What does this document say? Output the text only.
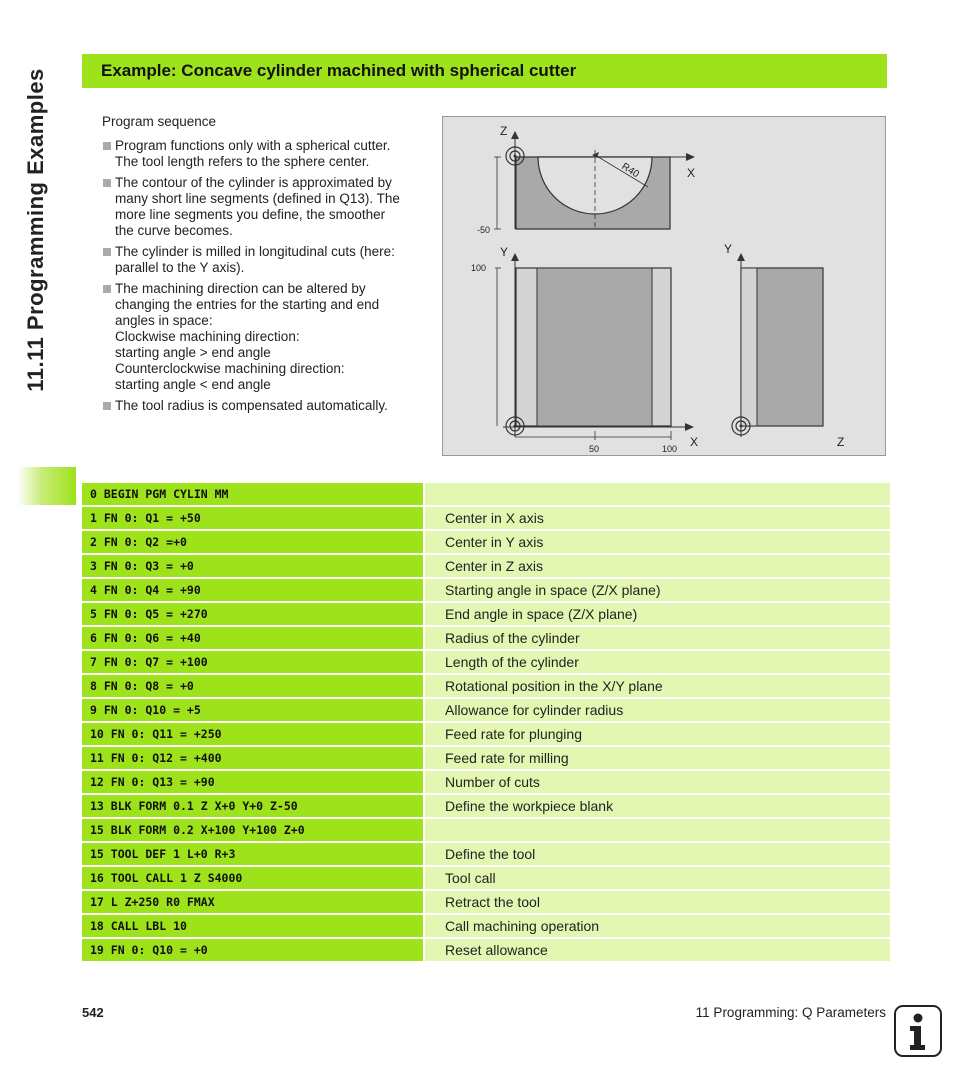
11.11 Programming Examples	Example: Concave cylinder machined with spherical cutter
Program sequence
Program functions only with a spherical cutter.
The tool length refers to the sphere center.
The contour of the cylinder is approximated by
many short line segments (defined in Q13). The
more line segments you define, the smoother
the curve becomes.
The cylinder is milled in longitudinal cuts (here:
parallel to the Y axis).
The machining direction can be altered by
changing the entries for the starting and end
angles in space:
Clockwise machining direction:
starting angle > end angle
Counterclockwise machining direction:
starting angle < end angle
The tool radius is compensated automatically.
Z
X
R40
-50
Y
X
100
50	100
Y
Z
0 BEGIN PGM CYLIN MM
1 FN 0: Q1 = +50	Center in X axis
2 FN 0: Q2 =+0	Center in Y axis
3 FN 0: Q3 = +0	Center in Z axis
4 FN 0: Q4 = +90	Starting angle in space (Z/X plane)
5 FN 0: Q5 = +270	End angle in space (Z/X plane)
6 FN 0: Q6 = +40	Radius of the cylinder
7 FN 0: Q7 = +100	Length of the cylinder
8 FN 0: Q8 = +0	Rotational position in the X/Y plane
9 FN 0: Q10 = +5	Allowance for cylinder radius
10 FN 0: Q11 = +250	Feed rate for plunging
11 FN 0: Q12 = +400	Feed rate for milling
12 FN 0: Q13 = +90	Number of cuts
13 BLK FORM 0.1 Z X+0 Y+0 Z-50	Define the workpiece blank
15 BLK FORM 0.2 X+100 Y+100 Z+0
15 TOOL DEF 1 L+0 R+3	Define the tool
16 TOOL CALL 1 Z S4000	Tool call
17 L Z+250 R0 FMAX	Retract the tool
18 CALL LBL 10	Call machining operation
19 FN 0: Q10 = +0	Reset allowance
542	11 Programming: Q Parameters
